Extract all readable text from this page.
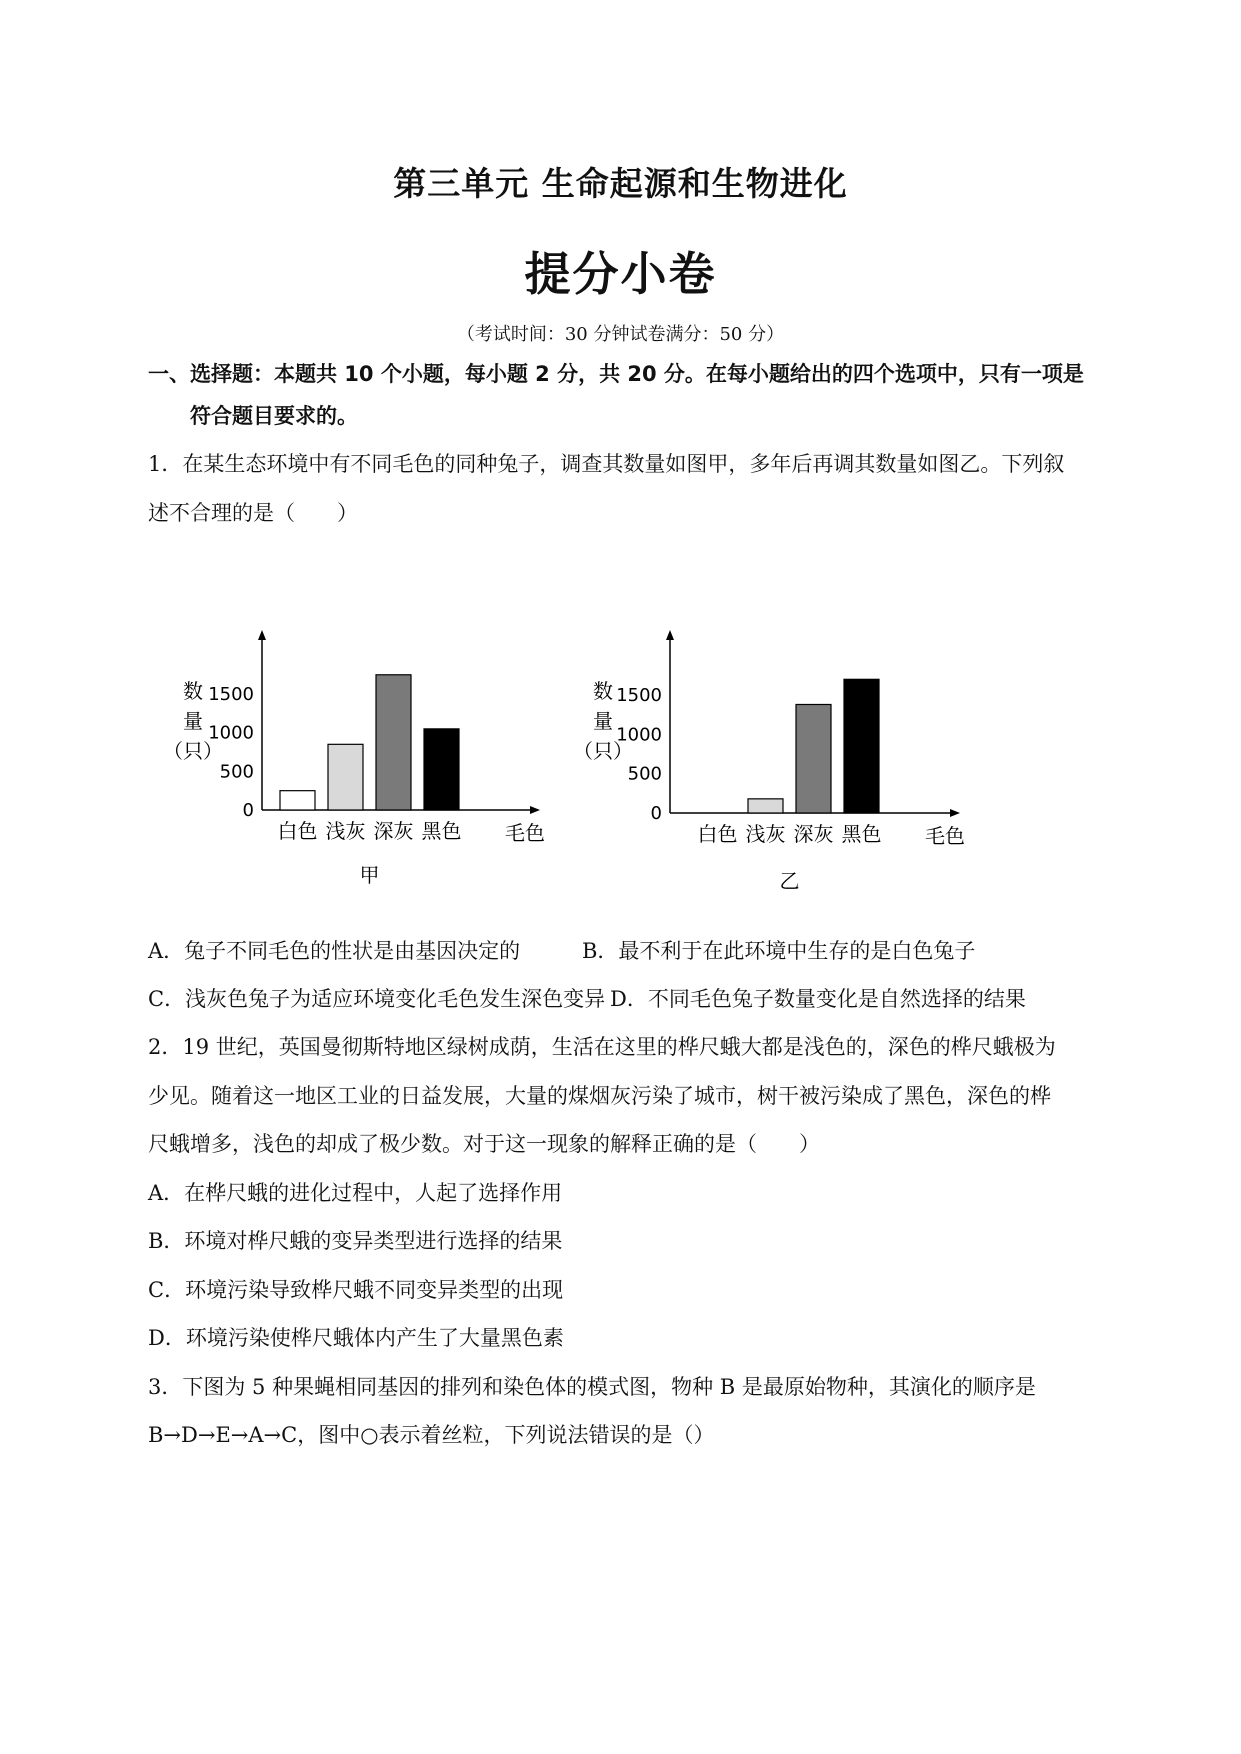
第三单元 生命起源和生物进化
提分小卷
（考试时间：30 分钟试卷满分：50 分）
一、选择题：本题共 10 个小题，每小题 2 分，共 20 分。在每小题给出的四个选项中，只有一项是
符合题目要求的。
1．在某生态环境中有不同毛色的同种兔子，调查其数量如图甲，多年后再调其数量如图乙。下列叙
述不合理的是（　　）
0
500
1000
1500
数
量
（只）
白色 浅灰 深灰 黑色 毛色
甲
0
500
1000
1500
数
量
（只）
白色 浅灰 深灰 黑色 毛色
乙
A．兔子不同毛色的性状是由基因决定的	B．最不利于在此环境中生存的是白色兔子
C．浅灰色兔子为适应环境变化毛色发生深色变异 D．不同毛色兔子数量变化是自然选择的结果
2．19 世纪，英国曼彻斯特地区绿树成荫，生活在这里的桦尺蛾大都是浅色的，深色的桦尺蛾极为
少见。随着这一地区工业的日益发展，大量的煤烟灰污染了城市，树干被污染成了黑色，深色的桦
尺蛾增多，浅色的却成了极少数。对于这一现象的解释正确的是（　　）
A．在桦尺蛾的进化过程中，人起了选择作用
B．环境对桦尺蛾的变异类型进行选择的结果
C．环境污染导致桦尺蛾不同变异类型的出现
D．环境污染使桦尺蛾体内产生了大量黑色素
3．下图为 5 种果蝇相同基因的排列和染色体的模式图，物种 B 是最原始物种，其演化的顺序是
B→D→E→A→C，图中○表示着丝粒，下列说法错误的是（）
